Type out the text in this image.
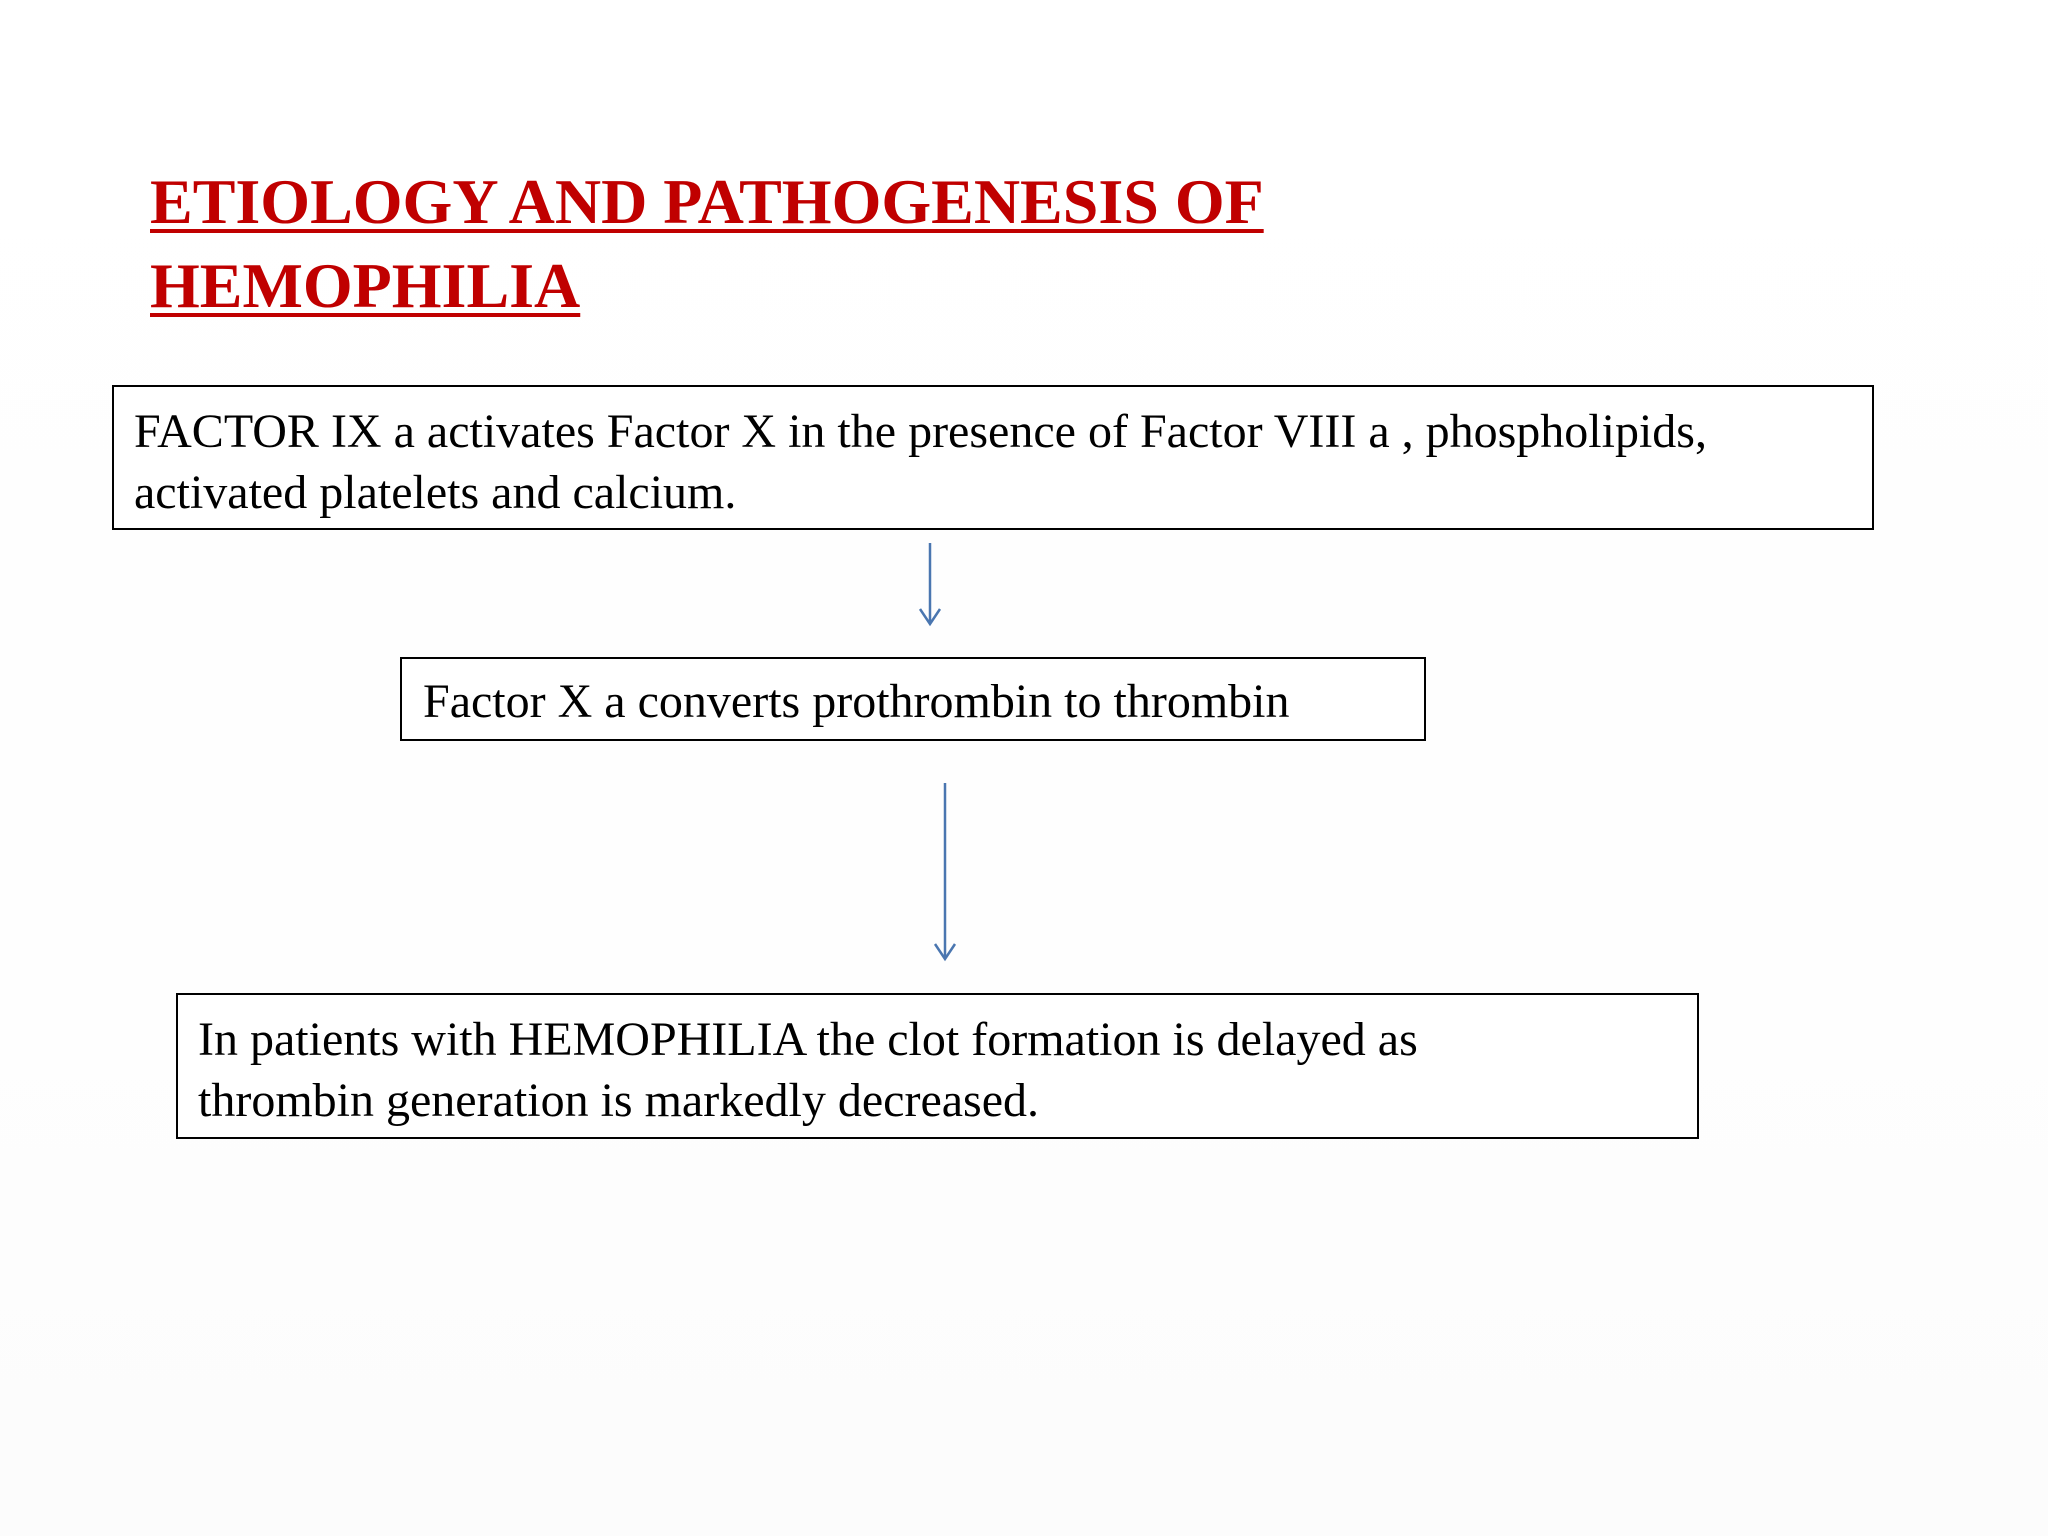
ETIOLOGY AND PATHOGENESIS OF
HEMOPHILIA

FACTOR IX a activates Factor X in the presence of Factor VIII a , phospholipids,

activated platelets and calcium.

Factor X a converts prothrombin to thrombin

In patients with HEMOPHILIA the clot formation is delayed as

thrombin generation is markedly decreased.
